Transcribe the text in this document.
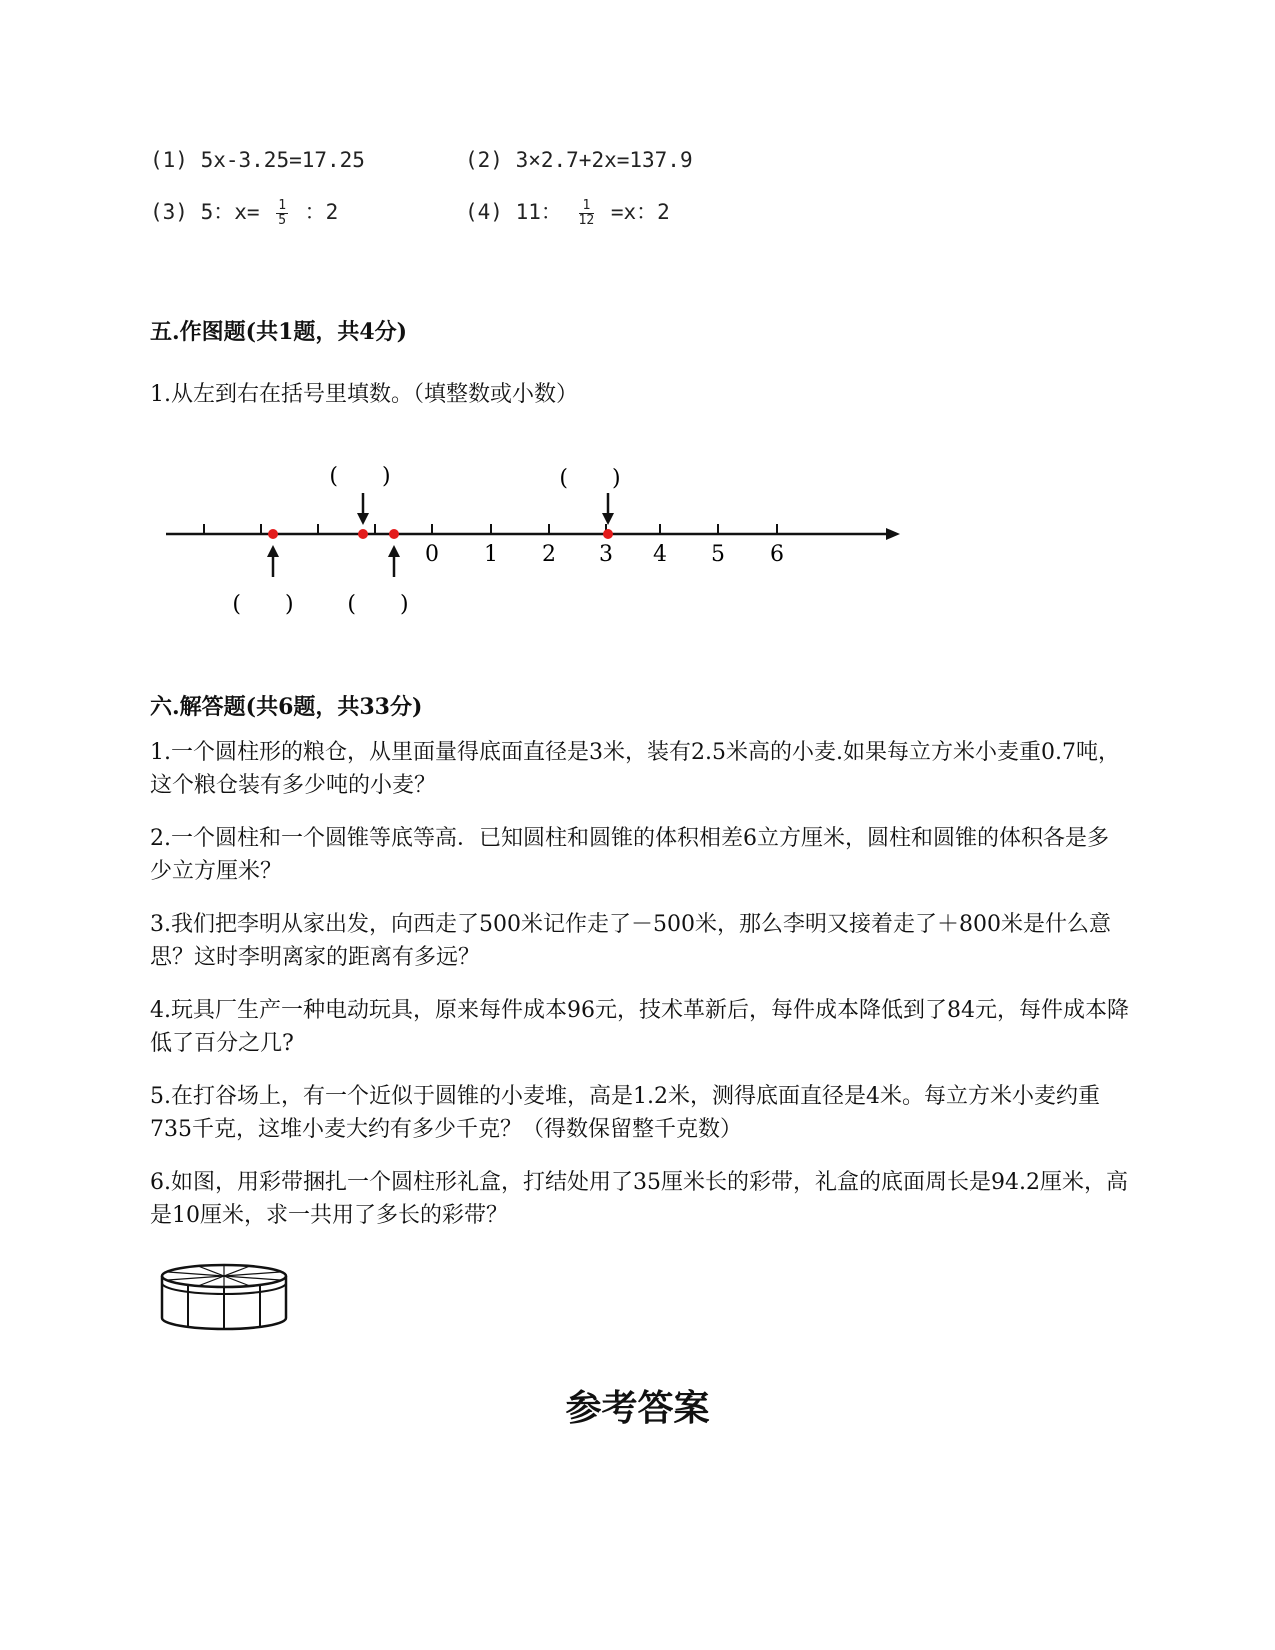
(1) 5x-3.25=17.25	(2) 3×2.7+2x=137.9
(3) 5：$x= \frac{1}{5}$ ：2	(4) 11： $\frac{1}{12} =x$：2
五.作图题(共1题，共4分)
1.从左到右在括号里填数。（填整数或小数）
0 1 2 3 4 5 6
(　　)	(　　)
(　　) (　　)
六.解答题(共6题，共33分)
1.一个圆柱形的粮仓，从里面量得底面直径是3米，装有2.5米高的小麦.如果每立方米小麦重0.7吨，这个粮仓装有多少吨的小麦？
2.一个圆柱和一个圆锥等底等高．已知圆柱和圆锥的体积相差6立方厘米，圆柱和圆锥的体积各是多少立方厘米？
3.我们把李明从家出发，向西走了500米记作走了－500米，那么李明又接着走了＋800米是什么意思？这时李明离家的距离有多远？
4.玩具厂生产一种电动玩具，原来每件成本96元，技术革新后，每件成本降低到了84元，每件成本降低了百分之几?
5.在打谷场上，有一个近似于圆锥的小麦堆，高是1.2米，测得底面直径是4米。每立方米小麦约重735千克，这堆小麦大约有多少千克？（得数保留整千克数）
6.如图，用彩带捆扎一个圆柱形礼盒，打结处用了35厘米长的彩带，礼盒的底面周长是94.2厘米，高是10厘米，求一共用了多长的彩带？
参考答案
